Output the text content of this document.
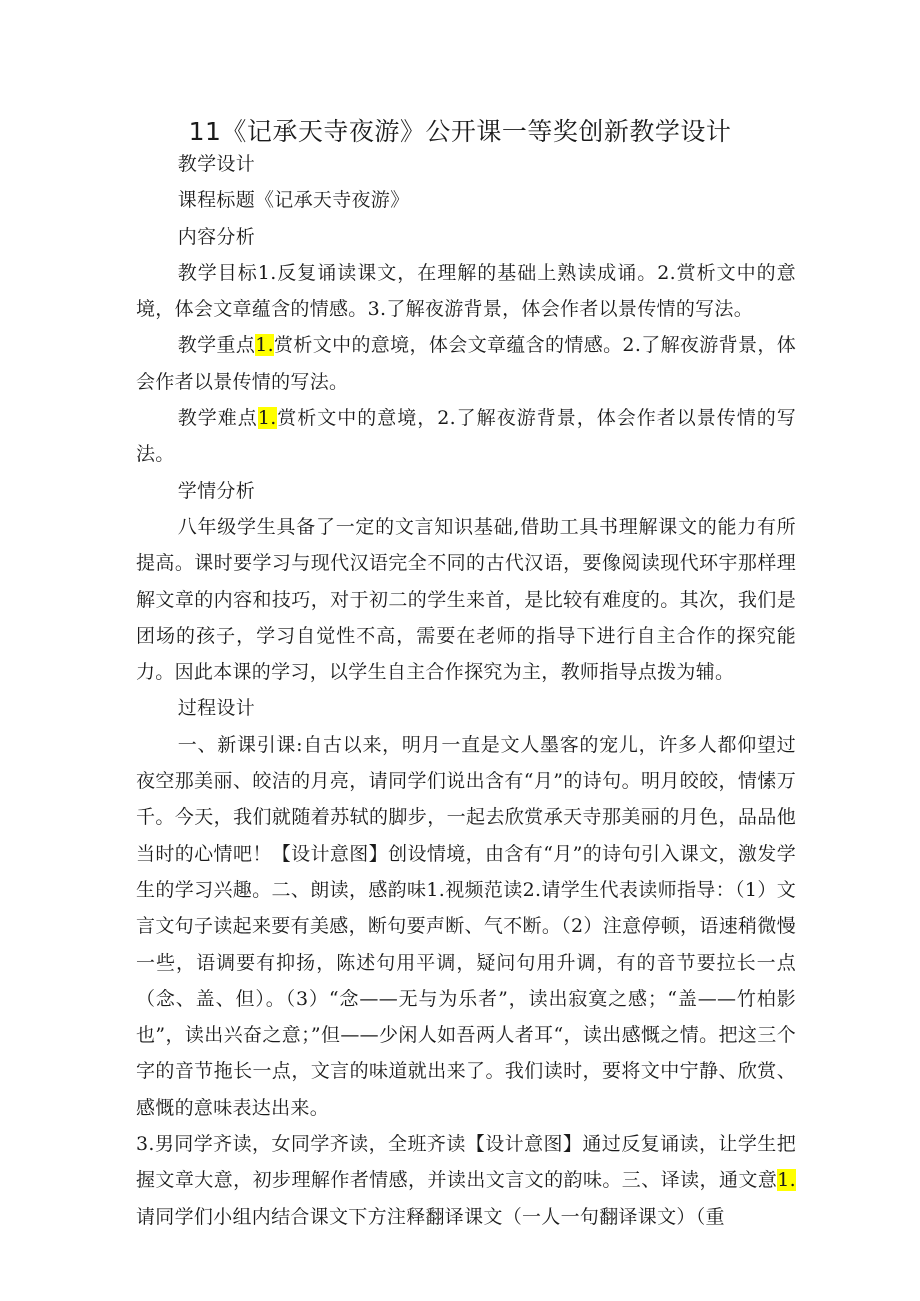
11《记承天寺夜游》公开课一等奖创新教学设计

教学设计

课程标题《记承天寺夜游》

内容分析

教学目标1.反复诵读课文，在理解的基础上熟读成诵。2.赏析文中的意境，体会文章蕴含的情感。3.了解夜游背景，体会作者以景传情的写法。

教学重点1.赏析文中的意境，体会文章蕴含的情感。2.了解夜游背景，体会作者以景传情的写法。

教学难点1.赏析文中的意境，2.了解夜游背景，体会作者以景传情的写法。

学情分析

八年级学生具备了一定的文言知识基础,借助工具书理解课文的能力有所提高。课时要学习与现代汉语完全不同的古代汉语，要像阅读现代环宇那样理解文章的内容和技巧，对于初二的学生来首，是比较有难度的。其次，我们是团场的孩子，学习自觉性不高，需要在老师的指导下进行自主合作的探究能力。因此本课的学习，以学生自主合作探究为主，教师指导点拨为辅。

过程设计

一、新课引课:自古以来，明月一直是文人墨客的宠儿，许多人都仰望过夜空那美丽、皎洁的月亮，请同学们说出含有“月”的诗句。明月皎皎，情愫万千。今天，我们就随着苏轼的脚步，一起去欣赏承天寺那美丽的月色，品品他当时的心情吧！【设计意图】创设情境，由含有“月”的诗句引入课文，激发学生的学习兴趣。二、朗读，感韵味1.视频范读2.请学生代表读师指导：（1）文言文句子读起来要有美感，断句要声断、气不断。（2）注意停顿，语速稍微慢一些，语调要有抑扬，陈述句用平调，疑问句用升调，有的音节要拉长一点（念、盖、但）。（3）“念——无与为乐者”，读出寂寞之感；“盖——竹柏影也”，读出兴奋之意；”但——少闲人如吾两人者耳“，读出感慨之情。把这三个字的音节拖长一点，文言的味道就出来了。我们读时，要将文中宁静、欣赏、感慨的意味表达出来。

3.男同学齐读，女同学齐读，全班齐读【设计意图】通过反复诵读，让学生把握文章大意，初步理解作者情感，并读出文言文的韵味。三、译读，通文意1.请同学们小组内结合课文下方注释翻译课文（一人一句翻译课文）（重
